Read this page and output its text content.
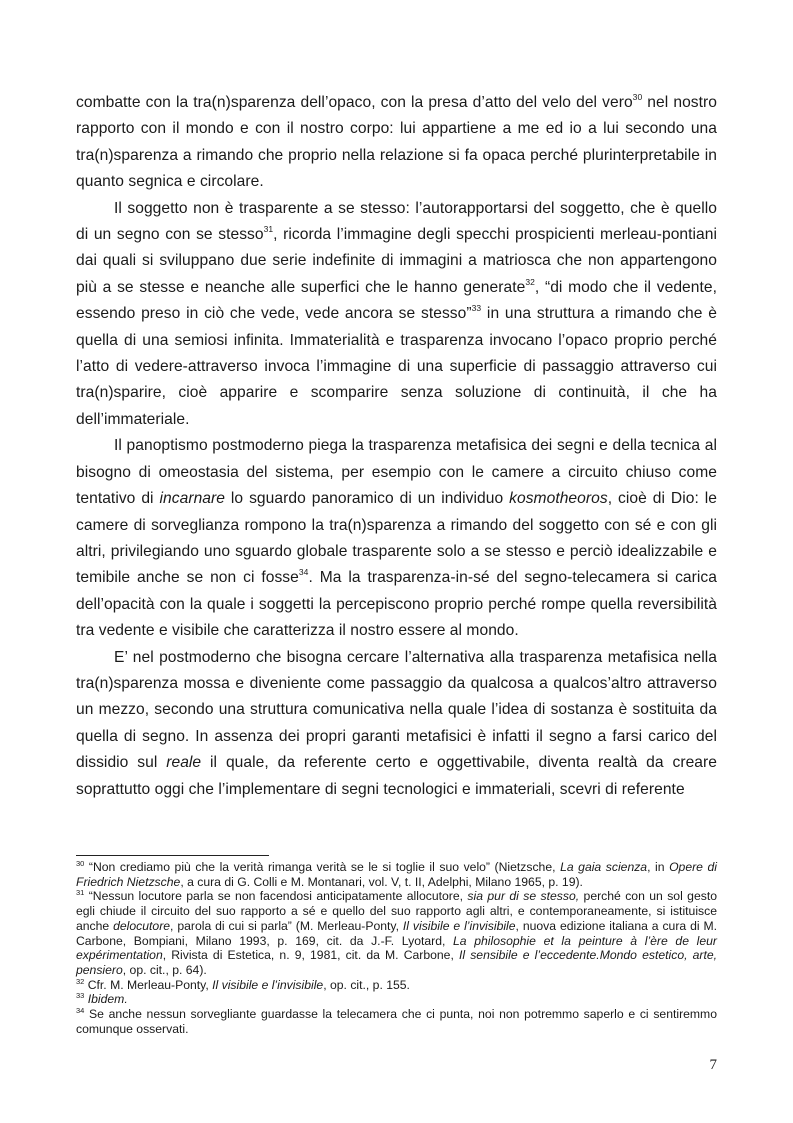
combatte con la tra(n)sparenza dell’opaco, con la presa d’atto del velo del vero$^{30}$ nel nostro rapporto con il mondo e con il nostro corpo: lui appartiene a me ed io a lui secondo una tra(n)sparenza a rimando che proprio nella relazione si fa opaca perché plurinterpretabile in quanto segnica e circolare.

Il soggetto non è trasparente a se stesso: l’autorapportarsi del soggetto, che è quello di un segno con se stesso$^{31}$, ricorda l’immagine degli specchi prospicienti merleau-pontiani dai quali si sviluppano due serie indefinite di immagini a matriosca che non appartengono più a se stesse e neanche alle superfici che le hanno generate$^{32}$, “di modo che il vedente, essendo preso in ciò che vede, vede ancora se stesso”$^{33}$ in una struttura a rimando che è quella di una semiosi infinita. Immaterialità e trasparenza invocano l’opaco proprio perché l’atto di vedere-attraverso invoca l’immagine di una superficie di passaggio attraverso cui tra(n)sparire, cioè apparire e scomparire senza soluzione di continuità, il che ha dell’immateriale.

Il panoptismo postmoderno piega la trasparenza metafisica dei segni e della tecnica al bisogno di omeostasia del sistema, per esempio con le camere a circuito chiuso come tentativo di incarnare lo sguardo panoramico di un individuo kosmotheoros, cioè di Dio: le camere di sorveglianza rompono la tra(n)sparenza a rimando del soggetto con sé e con gli altri, privilegiando uno sguardo globale trasparente solo a se stesso e perciò idealizzabile e temibile anche se non ci fosse$^{34}$. Ma la trasparenza-in-sé del segno-telecamera si carica dell’opacità con la quale i soggetti la percepiscono proprio perché rompe quella reversibilità tra vedente e visibile che caratterizza il nostro essere al mondo.

E’ nel postmoderno che bisogna cercare l’alternativa alla trasparenza metafisica nella tra(n)sparenza mossa e diveniente come passaggio da qualcosa a qualcos’altro attraverso un mezzo, secondo una struttura comunicativa nella quale l’idea di sostanza è sostituita da quella di segno. In assenza dei propri garanti metafisici è infatti il segno a farsi carico del dissidio sul reale il quale, da referente certo e oggettivabile, diventa realtà da creare soprattutto oggi che l’implementare di segni tecnologici e immateriali, scevri di referente

$^{30}$ “Non crediamo più che la verità rimanga verità se le si toglie il suo velo” (Nietzsche, La gaia scienza, in Opere di Friedrich Nietzsche, a cura di G. Colli e M. Montanari, vol. V, t. II, Adelphi, Milano 1965, p. 19).

$^{31}$ “Nessun locutore parla se non facendosi anticipatamente allocutore, sia pur di se stesso, perché con un sol gesto egli chiude il circuito del suo rapporto a sé e quello del suo rapporto agli altri, e contemporaneamente, si istituisce anche delocutore, parola di cui si parla” (M. Merleau-Ponty, Il visibile e l’invisibile, nuova edizione italiana a cura di M. Carbone, Bompiani, Milano 1993, p. 169, cit. da J.-F. Lyotard, La philosophie et la peinture à l’ère de leur expérimentation, Rivista di Estetica, n. 9, 1981, cit. da M. Carbone, Il sensibile e l’eccedente.Mondo estetico, arte, pensiero, op. cit., p. 64).

$^{32}$ Cfr. M. Merleau-Ponty, Il visibile e l’invisibile, op. cit., p. 155.

$^{33}$ Ibidem.

$^{34}$ Se anche nessun sorvegliante guardasse la telecamera che ci punta, noi non potremmo saperlo e ci sentiremmo comunque osservati.

7
